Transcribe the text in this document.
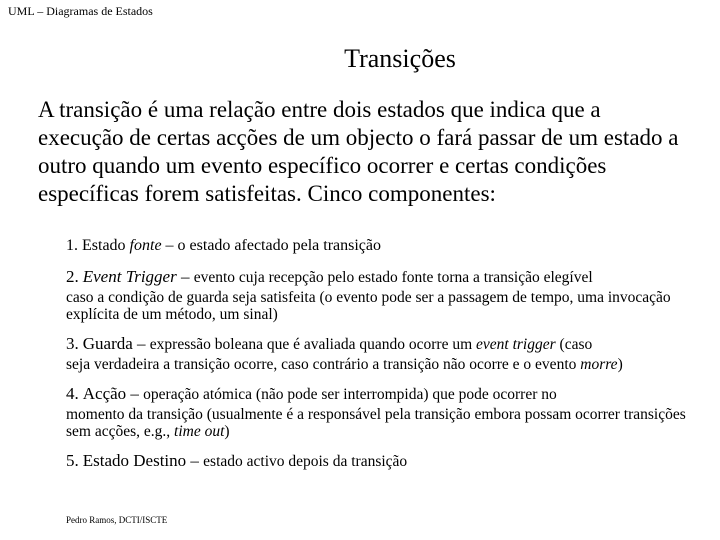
UML – Diagramas de Estados
Transições
A transição é uma relação entre dois estados que indica que a execução de certas acções de um objecto o fará passar de um estado a outro quando um evento específico ocorrer e certas condições específicas forem satisfeitas. Cinco componentes:
1. Estado fonte – o estado afectado pela transição
2. Event Trigger – evento cuja recepção pelo estado fonte torna a transição elegível
caso a condição de guarda seja satisfeita (o evento pode ser a passagem de tempo, uma invocação explícita de um método, um sinal)
3. Guarda – expressão boleana que é avaliada quando ocorre um event trigger (caso
seja verdadeira a transição ocorre, caso contrário a transição não ocorre e o evento morre)
4. Acção – operação atómica (não pode ser interrompida) que pode ocorrer no
momento da transição (usualmente é a responsável pela transição embora possam ocorrer transições sem acções, e.g., time out)
5. Estado Destino – estado activo depois da transição
Pedro Ramos, DCTI/ISCTE
